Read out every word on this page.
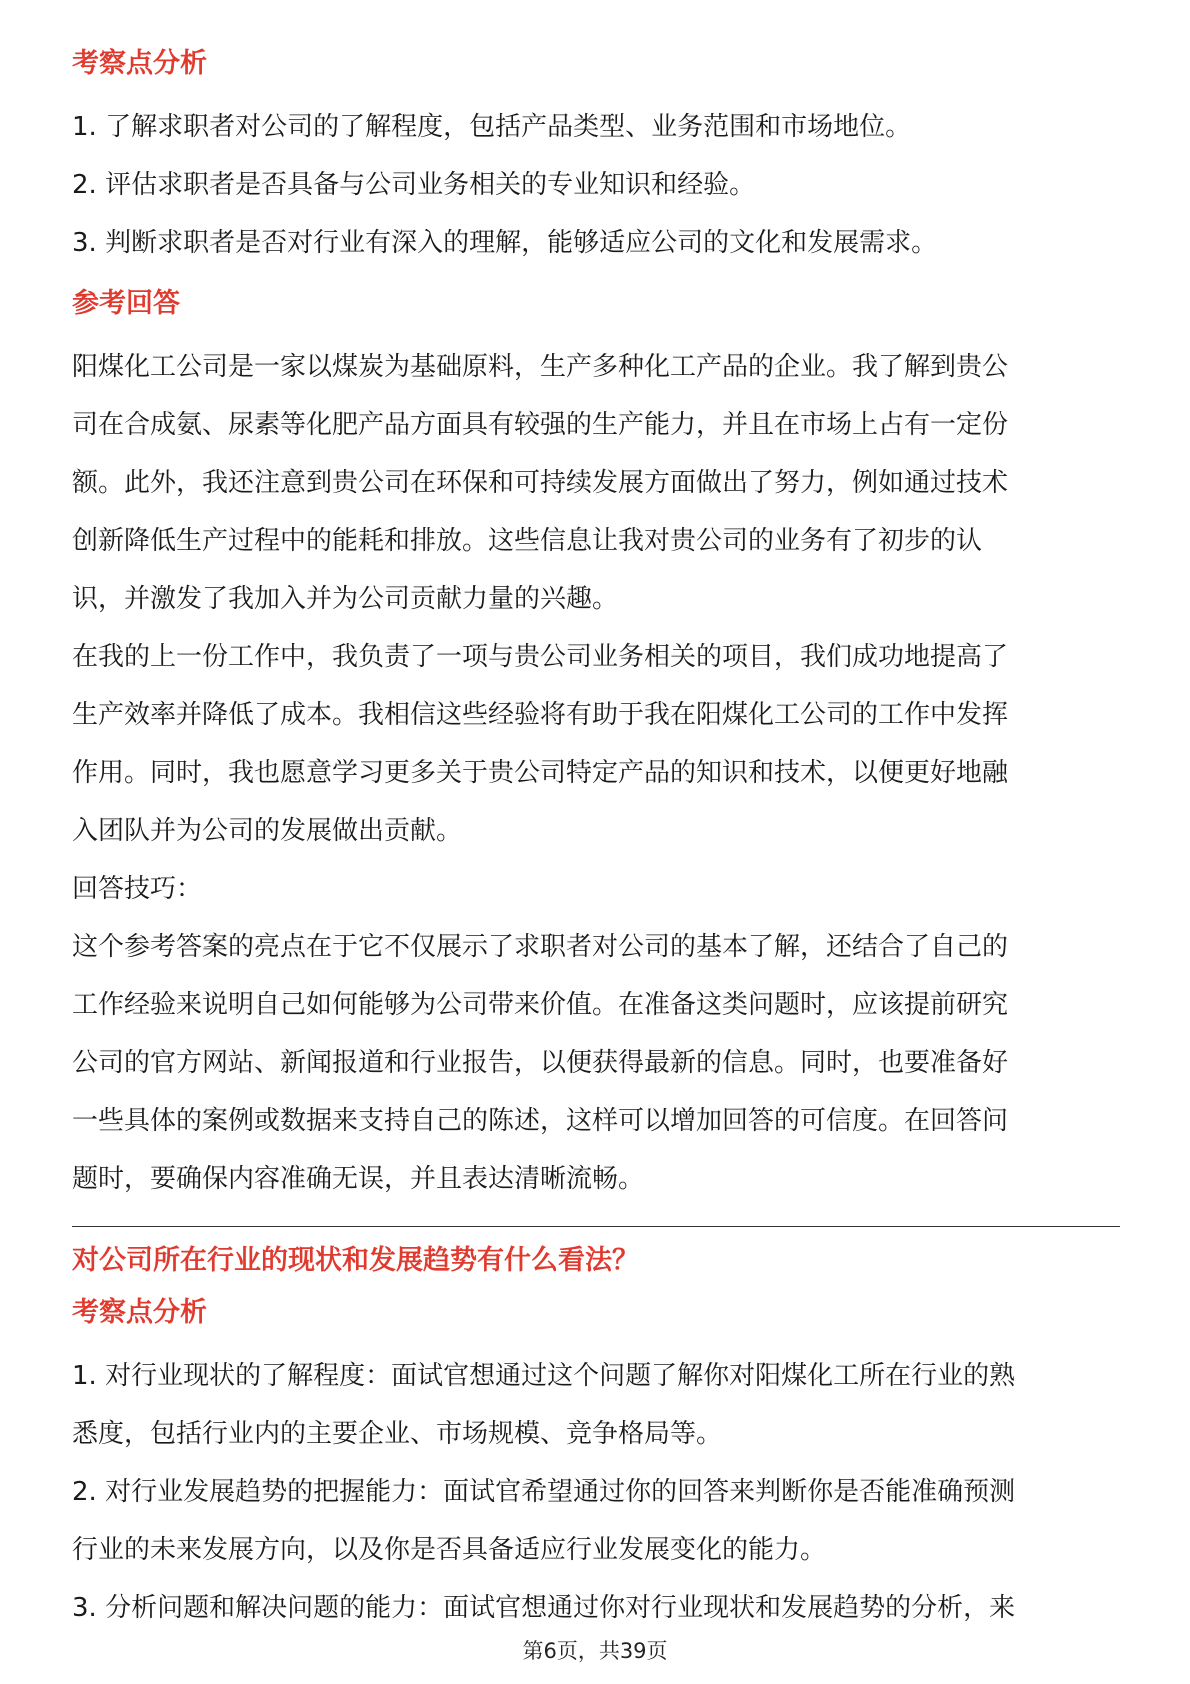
考察点分析

1. 了解求职者对公司的了解程度，包括产品类型、业务范围和市场地位。

2. 评估求职者是否具备与公司业务相关的专业知识和经验。

3. 判断求职者是否对行业有深入的理解，能够适应公司的文化和发展需求。

参考回答

阳煤化工公司是一家以煤炭为基础原料，生产多种化工产品的企业。我了解到贵公

司在合成氨、尿素等化肥产品方面具有较强的生产能力，并且在市场上占有一定份

额。此外，我还注意到贵公司在环保和可持续发展方面做出了努力，例如通过技术

创新降低生产过程中的能耗和排放。这些信息让我对贵公司的业务有了初步的认

识，并激发了我加入并为公司贡献力量的兴趣。

在我的上一份工作中，我负责了一项与贵公司业务相关的项目，我们成功地提高了

生产效率并降低了成本。我相信这些经验将有助于我在阳煤化工公司的工作中发挥

作用。同时，我也愿意学习更多关于贵公司特定产品的知识和技术，以便更好地融

入团队并为公司的发展做出贡献。

回答技巧：

这个参考答案的亮点在于它不仅展示了求职者对公司的基本了解，还结合了自己的

工作经验来说明自己如何能够为公司带来价值。在准备这类问题时，应该提前研究

公司的官方网站、新闻报道和行业报告，以便获得最新的信息。同时，也要准备好

一些具体的案例或数据来支持自己的陈述，这样可以增加回答的可信度。在回答问

题时，要确保内容准确无误，并且表达清晰流畅。

对公司所在行业的现状和发展趋势有什么看法？
考察点分析

1. 对行业现状的了解程度：面试官想通过这个问题了解你对阳煤化工所在行业的熟

悉度，包括行业内的主要企业、市场规模、竞争格局等。

2. 对行业发展趋势的把握能力：面试官希望通过你的回答来判断你是否能准确预测

行业的未来发展方向，以及你是否具备适应行业发展变化的能力。

3. 分析问题和解决问题的能力：面试官想通过你对行业现状和发展趋势的分析，来

第6页，共39页
